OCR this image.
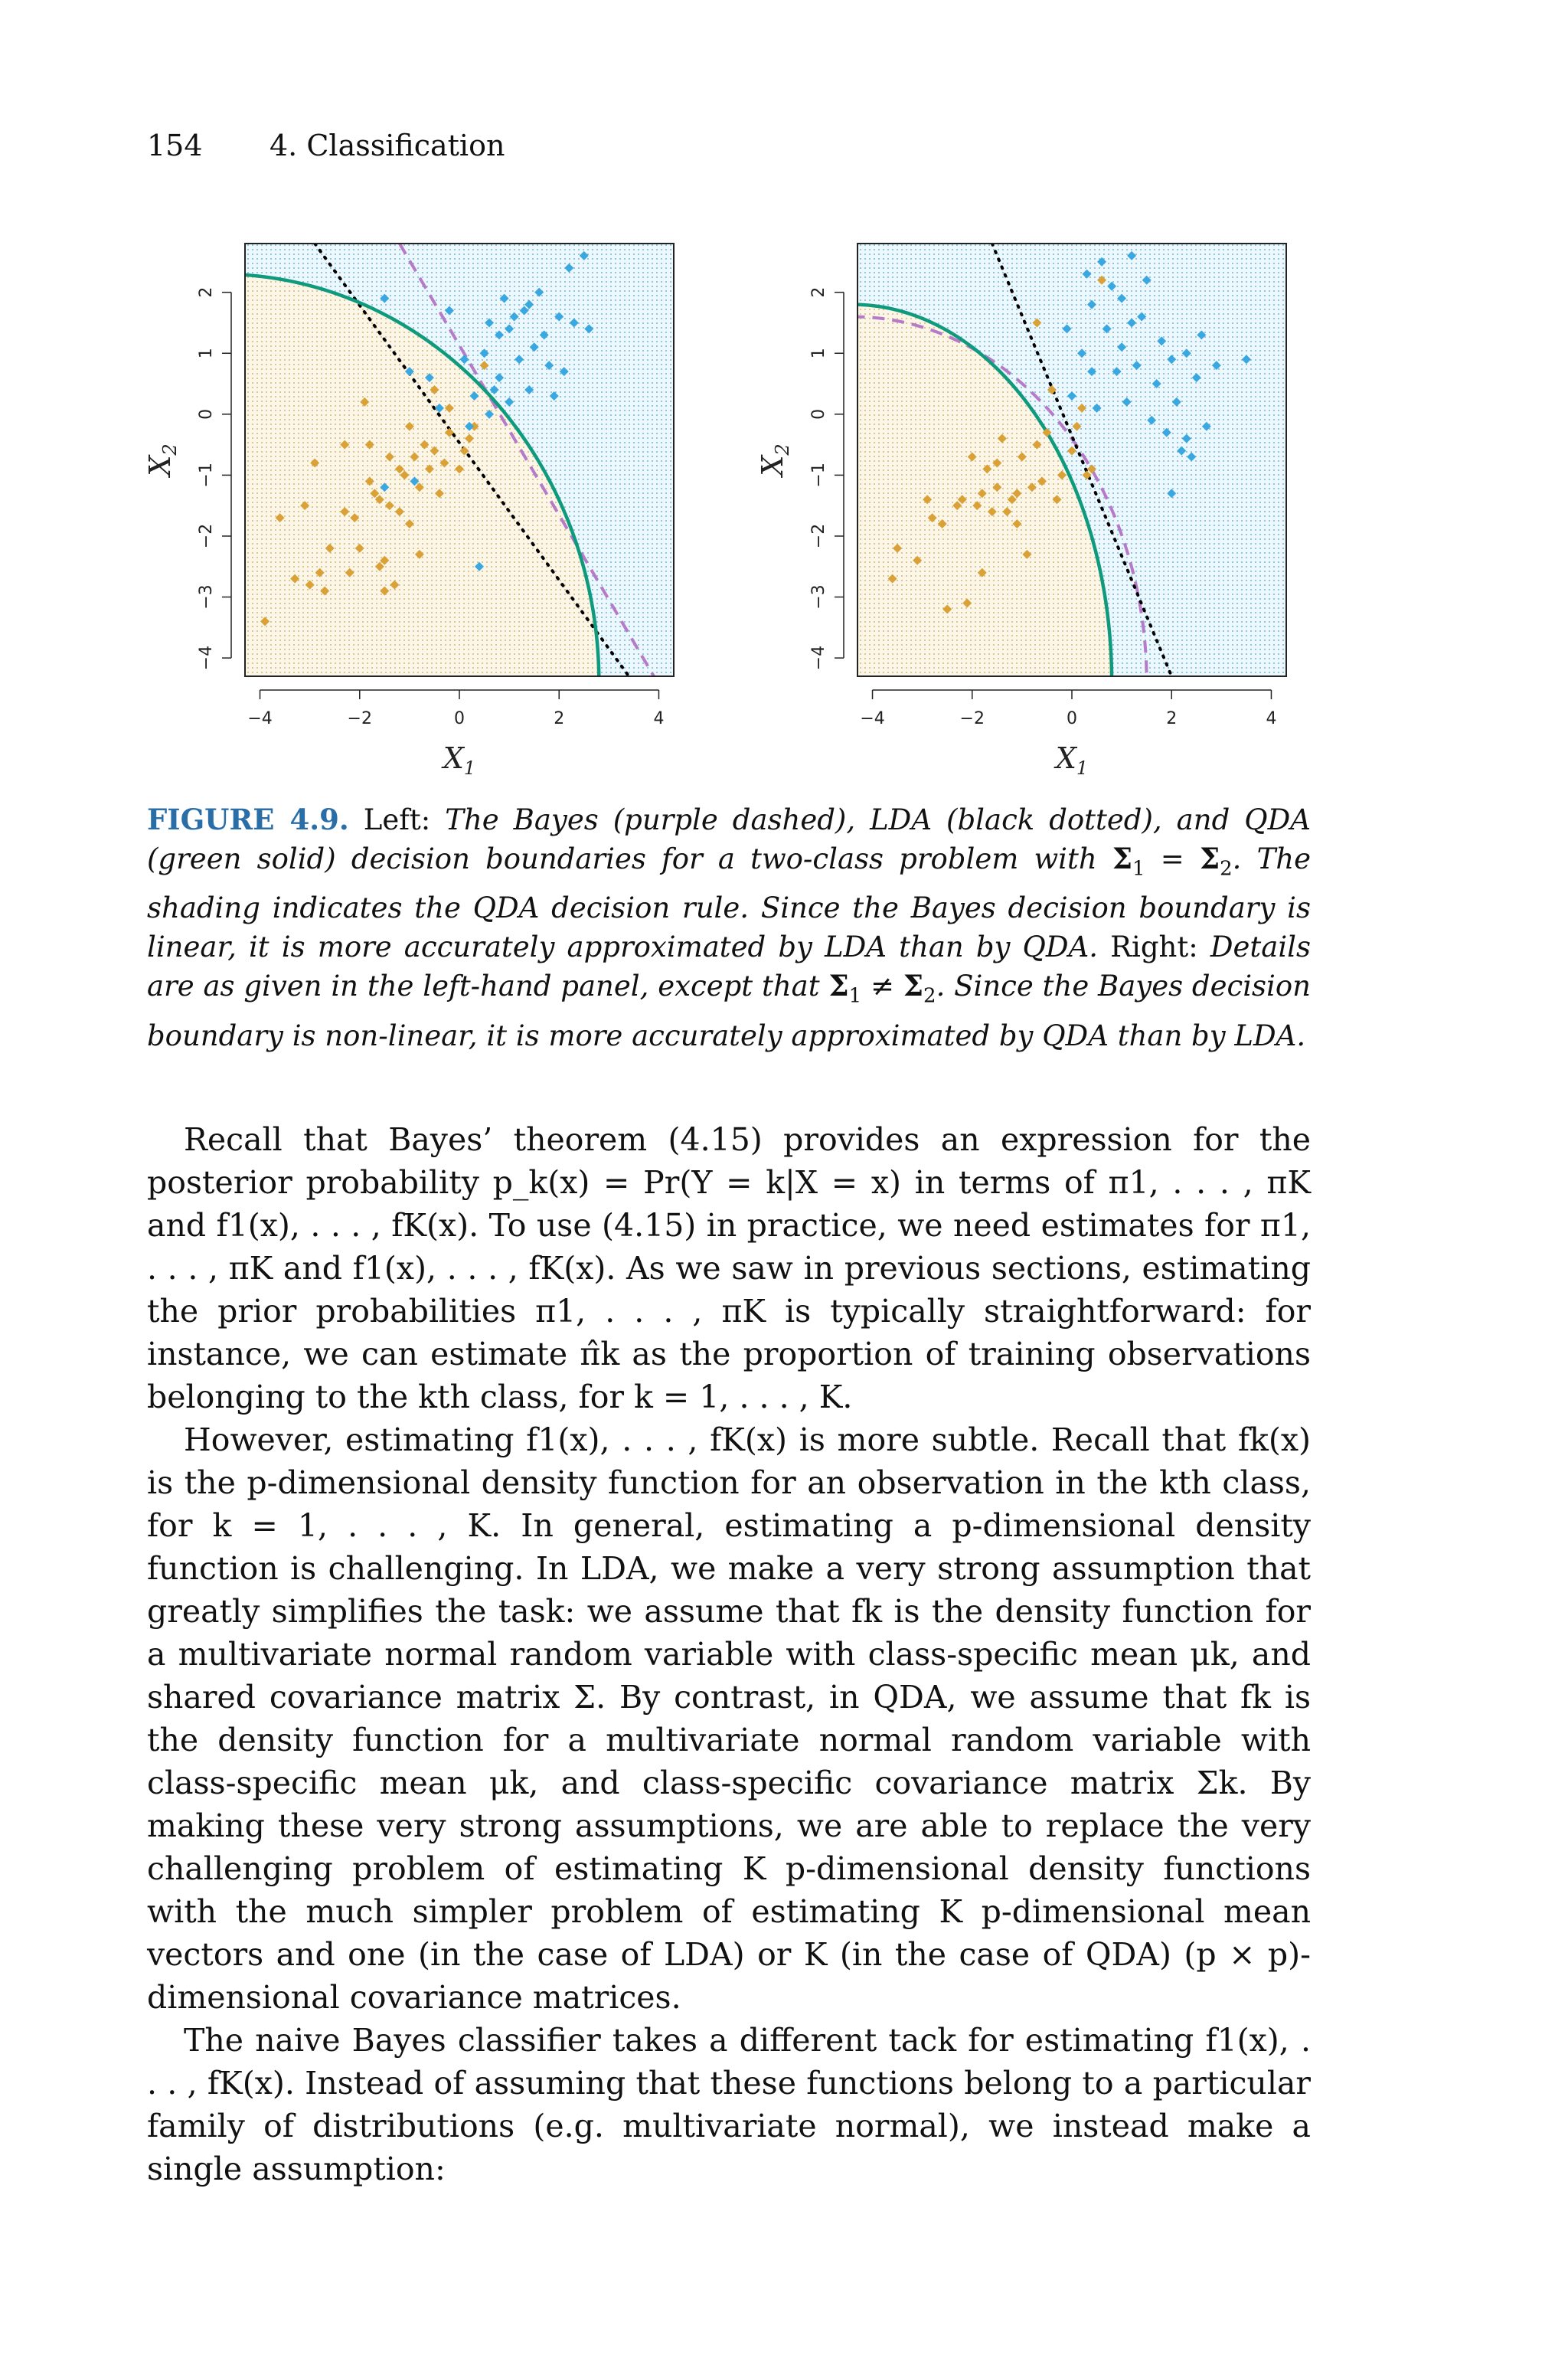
154 4. Classification
−4	−2	0	2	4
$X_1$
−4
−3
−2
−1
0
1
2
$X_2$
−4	−2	0	2	4
$X_1$
−4
−3
−2
−1
0
1
2
$X_2$
FIGURE 4.9. Left: The Bayes (purple dashed), LDA (black dotted), and QDA (green solid) decision boundaries for a two-class problem with $\Sigma_1 = \Sigma_2$. The shading indicates the QDA decision rule. Since the Bayes decision boundary is linear, it is more accurately approximated by LDA than by QDA. Right: Details are as given in the left-hand panel, except that $\Sigma_1 \ne \Sigma_2$. Since the Bayes decision boundary is non-linear, it is more accurately approximated by QDA than by LDA.

Recall that Bayes’ theorem (4.15) provides an expression for the posterior probability p_k(x) = Pr(Y = k|X = x) in terms of π1, . . . , πK and f1(x), . . . , fK(x). To use (4.15) in practice, we need estimates for π1, . . . , πK and f1(x), . . . , fK(x). As we saw in previous sections, estimating the prior probabilities π1, . . . , πK is typically straightforward: for instance, we can estimate π̂k as the proportion of training observations belonging to the kth class, for k = 1, . . . , K.

However, estimating f1(x), . . . , fK(x) is more subtle. Recall that fk(x) is the p-dimensional density function for an observation in the kth class, for k = 1, . . . , K. In general, estimating a p-dimensional density function is challenging. In LDA, we make a very strong assumption that greatly simplifies the task: we assume that fk is the density function for a multivariate normal random variable with class-specific mean μk, and shared covariance matrix Σ. By contrast, in QDA, we assume that fk is the density function for a multivariate normal random variable with class-specific mean μk, and class-specific covariance matrix Σk. By making these very strong assumptions, we are able to replace the very challenging problem of estimating K p-dimensional density functions with the much simpler problem of estimating K p-dimensional mean vectors and one (in the case of LDA) or K (in the case of QDA) (p × p)-dimensional covariance matrices.

The naive Bayes classifier takes a different tack for estimating f1(x), . . . , fK(x). Instead of assuming that these functions belong to a particular family of distributions (e.g. multivariate normal), we instead make a single assumption:
